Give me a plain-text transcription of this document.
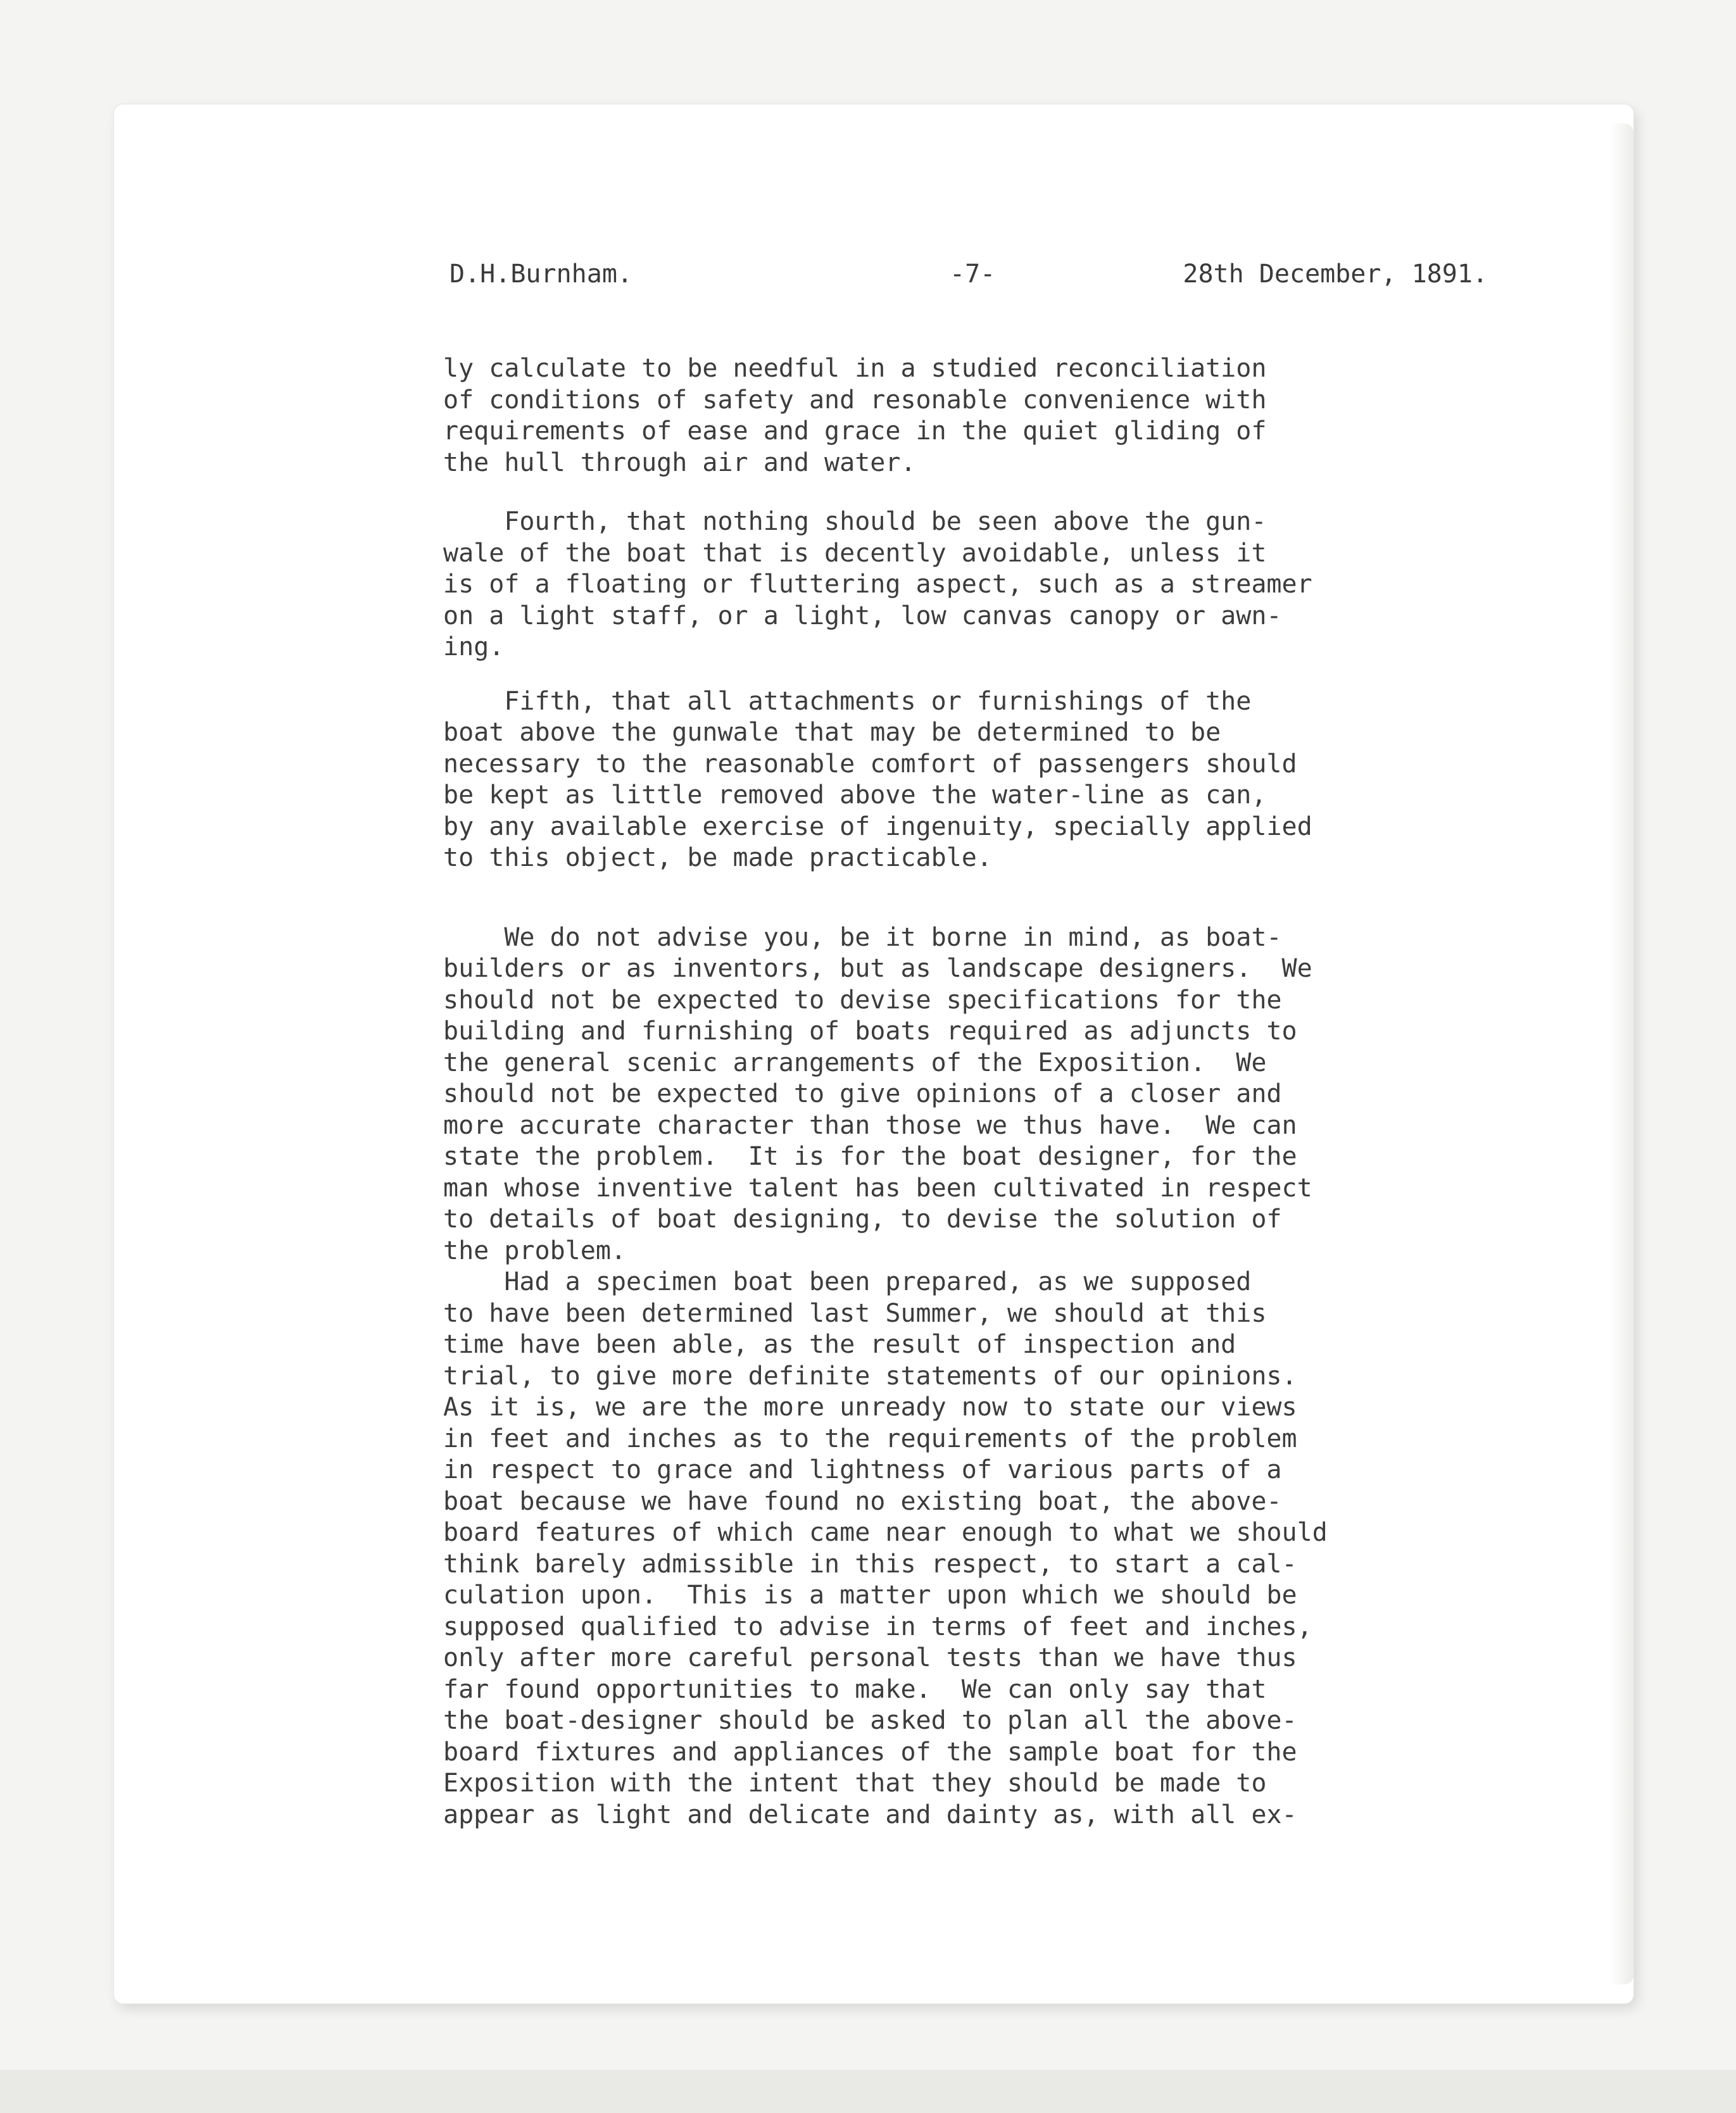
D.H.Burnham.	-7-	28th December, 1891.

ly calculate to be needful in a studied reconciliation

of conditions of safety and resonable convenience with

requirements of ease and grace in the quiet gliding of

the hull through air and water.

Fourth, that nothing should be seen above the gun-

wale of the boat that is decently avoidable, unless it

is of a floating or fluttering aspect, such as a streamer

on a light staff, or a light, low canvas canopy or awn-

ing.

Fifth, that all attachments or furnishings of the

boat above the gunwale that may be determined to be

necessary to the reasonable comfort of passengers should

be kept as little removed above the water-line as can,

by any available exercise of ingenuity, specially applied

to this object, be made practicable.

We do not advise you, be it borne in mind, as boat-

builders or as inventors, but as landscape designers.  We

should not be expected to devise specifications for the

building and furnishing of boats required as adjuncts to

the general scenic arrangements of the Exposition.  We

should not be expected to give opinions of a closer and

more accurate character than those we thus have.  We can

state the problem.  It is for the boat designer, for the

man whose inventive talent has been cultivated in respect

to details of boat designing, to devise the solution of

the problem.

Had a specimen boat been prepared, as we supposed

to have been determined last Summer, we should at this

time have been able, as the result of inspection and

trial, to give more definite statements of our opinions.

As it is, we are the more unready now to state our views

in feet and inches as to the requirements of the problem

in respect to grace and lightness of various parts of a

boat because we have found no existing boat, the above-

board features of which came near enough to what we should

think barely admissible in this respect, to start a cal-

culation upon.  This is a matter upon which we should be

supposed qualified to advise in terms of feet and inches,

only after more careful personal tests than we have thus

far found opportunities to make.  We can only say that

the boat-designer should be asked to plan all the above-

board fixtures and appliances of the sample boat for the

Exposition with the intent that they should be made to

appear as light and delicate and dainty as, with all ex-
